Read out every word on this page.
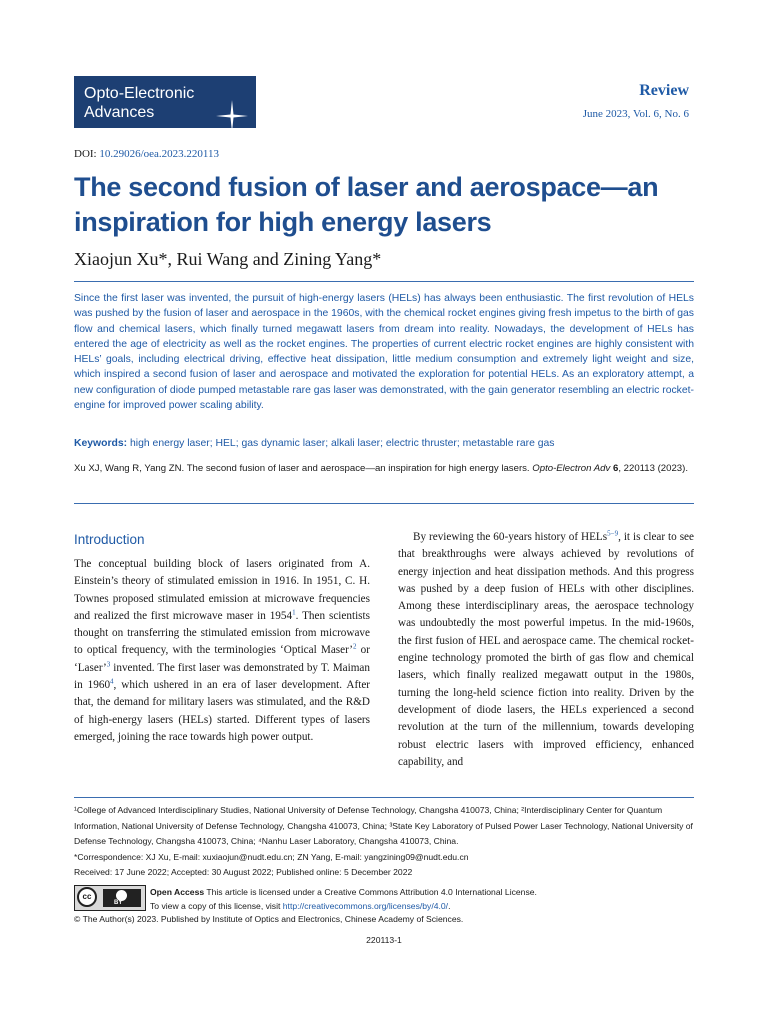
Opto-Electronic
Advances
Review
June 2023, Vol. 6, No. 6
DOI: 10.29026/oea.2023.220113
The second fusion of laser and aerospace—an inspiration for high energy lasers
Xiaojun Xu*, Rui Wang and Zining Yang*
Since the first laser was invented, the pursuit of high-energy lasers (HELs) has always been enthusiastic. The first revolution of HELs was pushed by the fusion of laser and aerospace in the 1960s, with the chemical rocket engines giving fresh impetus to the birth of gas flow and chemical lasers, which finally turned megawatt lasers from dream into reality. Nowadays, the development of HELs has entered the age of electricity as well as the rocket engines. The properties of current electric rocket engines are highly consistent with HELs’ goals, including electrical driving, effective heat dissipation, little medium consumption and extremely light weight and size, which inspired a second fusion of laser and aerospace and motivated the exploration for potential HELs. As an exploratory attempt, a new configuration of diode pumped metastable rare gas laser was demonstrated, with the gain generator resembling an electric rocket-engine for improved power scaling ability.
Keywords: high energy laser; HEL; gas dynamic laser; alkali laser; electric thruster; metastable rare gas
Xu XJ, Wang R, Yang ZN. The second fusion of laser and aerospace—an inspiration for high energy lasers. Opto-Electron Adv 6, 220113 (2023).
Introduction

The conceptual building block of lasers originated from A. Einstein’s theory of stimulated emission in 1916. In 1951, C. H. Townes proposed stimulated emission at microwave frequencies and realized the first microwave maser in 1954$^1$. Then scientists thought on transferring the stimulated emission from microwave to optical frequency, with the terminologies ‘Optical Maser’$^2$ or ‘Laser’$^3$ invented. The first laser was demonstrated by T. Maiman in 1960$^4$, which ushered in an era of laser development. After that, the demand for military lasers was stimulated, and the R&D of high-energy lasers (HELs) started. Different types of lasers emerged, joining the race towards high power output.

By reviewing the 60-years history of HELs$^{5-9}$, it is clear to see that breakthroughs were always achieved by revolutions of energy injection and heat dissipation methods. And this progress was pushed by a deep fusion of HELs with other disciplines. Among these interdisciplinary areas, the aerospace technology was undoubtedly the most powerful impetus. In the mid-1960s, the first fusion of HEL and aerospace came. The chemical rocket-engine technology promoted the birth of gas flow and chemical lasers, which finally realized megawatt output in the 1980s, turning the long-held science fiction into reality. Driven by the development of diode lasers, the HELs experienced a second revolution at the turn of the millennium, towards developing robust electric lasers with improved efficiency, enhanced capability, and

¹College of Advanced Interdisciplinary Studies, National University of Defense Technology, Changsha 410073, China; ²Interdisciplinary Center for Quantum Information, National University of Defense Technology, Changsha 410073, China; ³State Key Laboratory of Pulsed Power Laser Technology, National University of Defense Technology, Changsha 410073, China; ⁴Nanhu Laser Laboratory, Changsha 410073, China.

*Correspondence: XJ Xu, E-mail: xuxiaojun@nudt.edu.cn; ZN Yang, E-mail: yangzining09@nudt.edu.cn

Received: 17 June 2022; Accepted: 30 August 2022; Published online: 5 December 2022

cc
BY
Open Access This article is licensed under a Creative Commons Attribution 4.0 International License.
To view a copy of this license, visit http://creativecommons.org/licenses/by/4.0/.
© The Author(s) 2023. Published by Institute of Optics and Electronics, Chinese Academy of Sciences.
220113-1
